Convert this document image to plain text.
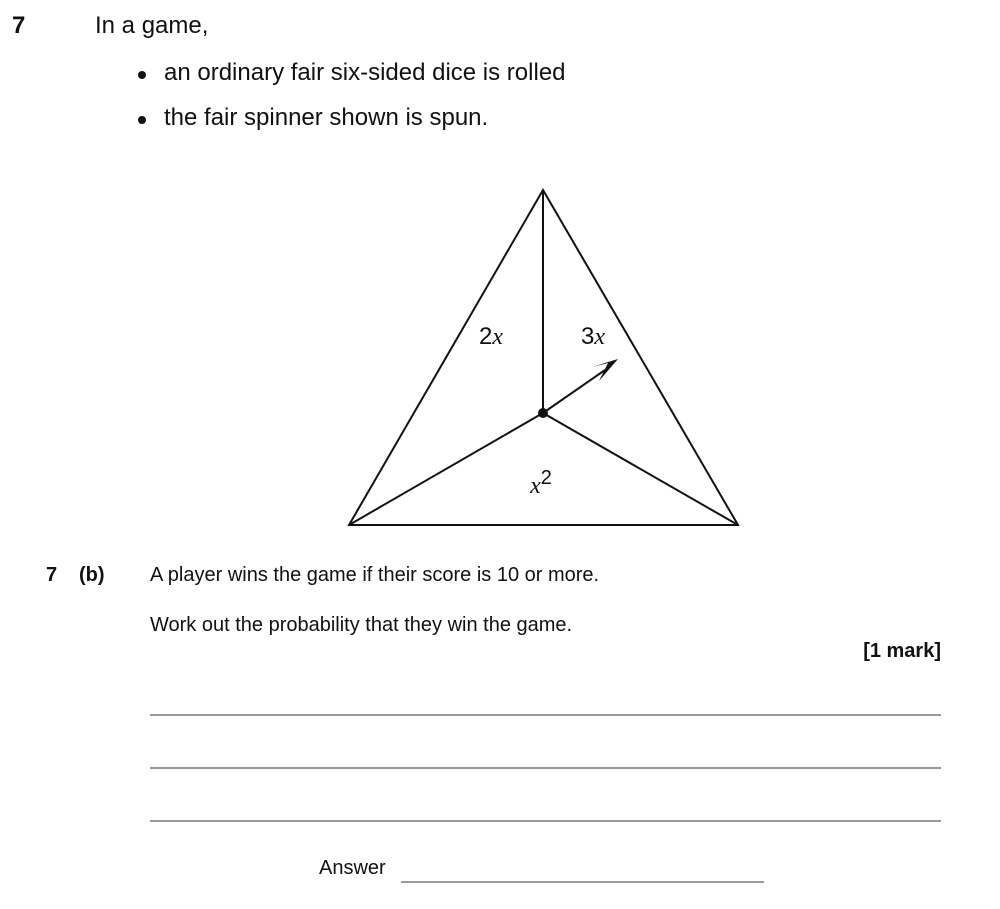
7	In a game,
an ordinary fair six-sided dice is rolled
the fair spinner shown is spun.
2x	3x
$x^2$
7 (b) A player wins the game if their score is 10 or more.
Work out the probability that they win the game.
[1 mark]
Answer
